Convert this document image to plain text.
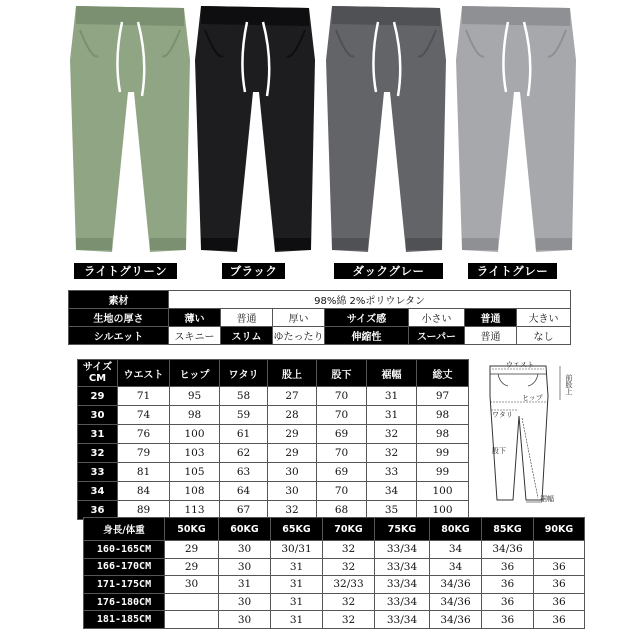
素材	98%綿 2%ポリウレタン						
生地の厚さ	薄い	普通	厚い	サイズ感	小さい	普通	大きい
シルエット	スキニー	スリム	ゆたったり	伸縮性	スーパー	普通	なし
サイズ
CM	ウエスト	ヒップ	ワタリ	股上	股下	裾幅	総丈
29	71	95	58	27	70	31	97
30	74	98	59	28	70	31	98
31	76	100	61	29	69	32	98
32	79	103	62	29	70	32	99
33	81	105	63	30	69	33	99
34	84	108	64	30	70	34	100
36	89	113	67	32	68	35	100
ウエスト
前股上
ヒップ
ワタリ
股下
裾幅
身長/体重	50KG	60KG	65KG	70KG	75KG	80KG	85KG	90KG
160-165CM	29	30	30/31	32	33/34	34	34/36	
166-170CM	29	30	31	32	33/34	34	36	36
171-175CM	30	31	31	32/33	33/34	34/36	36	36
176-180CM		30	31	32	33/34	34/36	36	36
181-185CM		30	31	32	33/34	34/36	36	36
ライトグリーン	ブラック	ダックグレー	ライトグレー
